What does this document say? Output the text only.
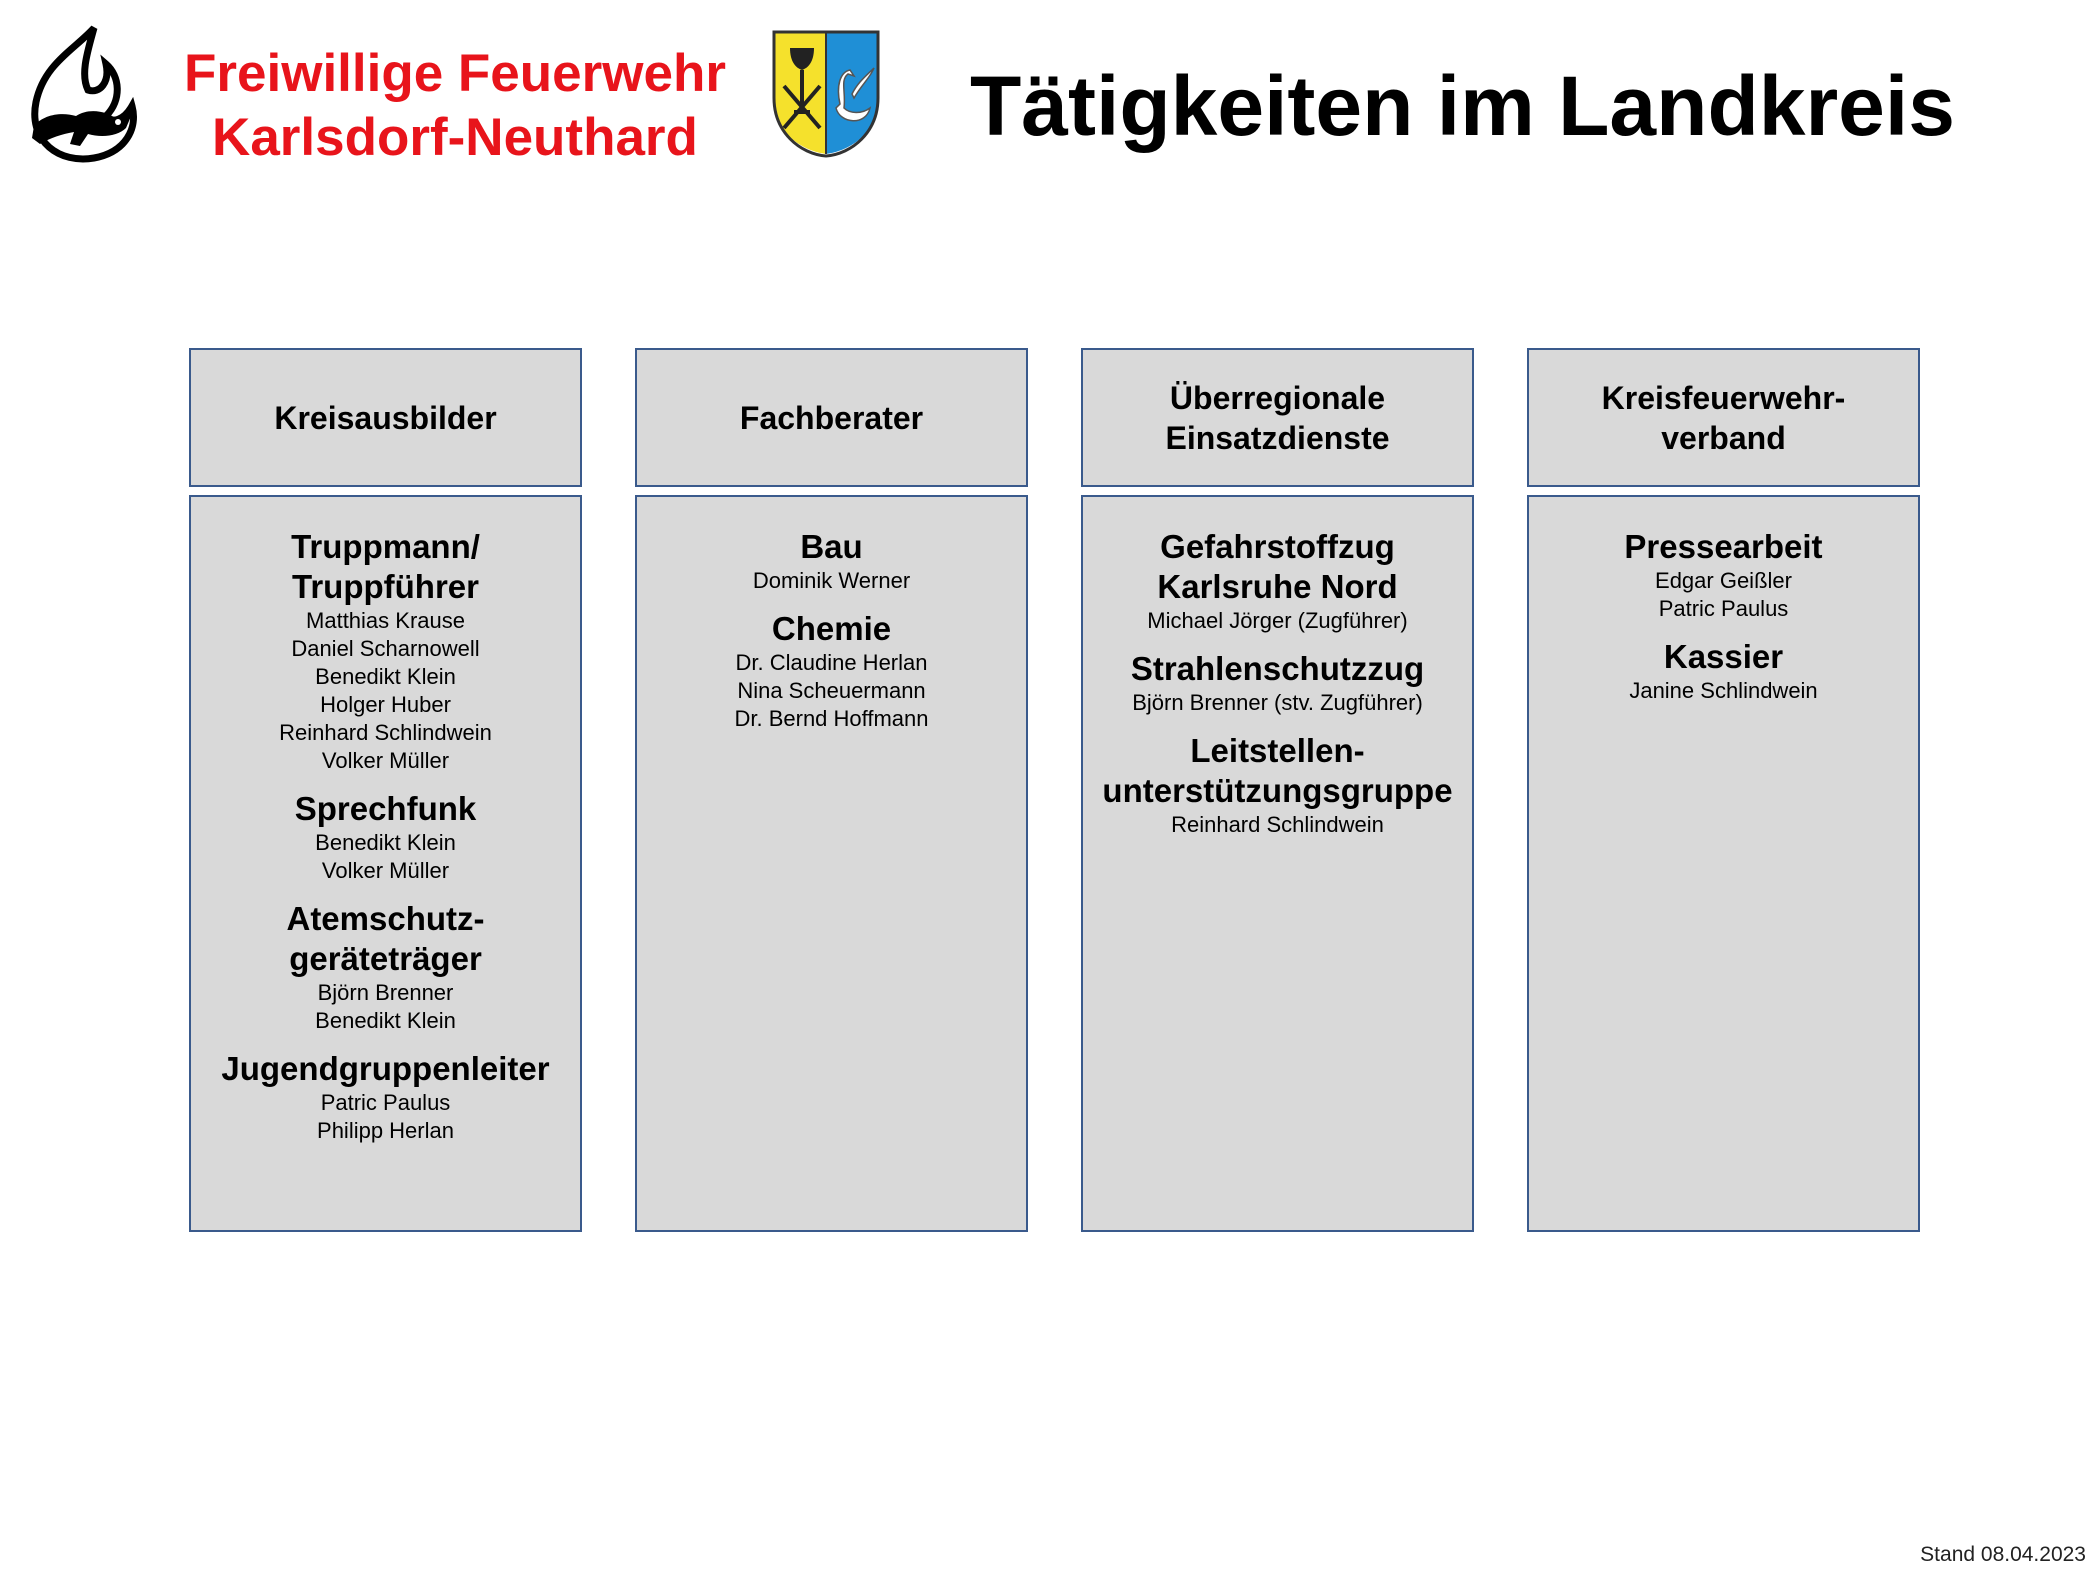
Freiwillige Feuerwehr
Karlsdorf-Neuthard	Tätigkeiten im Landkreis
Kreisausbilder
Truppmann/
Truppführer
Matthias Krause
Daniel Scharnowell
Benedikt Klein
Holger Huber
Reinhard Schlindwein
Volker Müller
Sprechfunk
Benedikt Klein
Volker Müller
Atemschutz-
geräteträger
Björn Brenner
Benedikt Klein
Jugendgruppenleiter
Patric Paulus
Philipp Herlan
Fachberater
Bau
Dominik Werner
Chemie
Dr. Claudine Herlan
Nina Scheuermann
Dr. Bernd Hoffmann
Überregionale
Einsatzdienste
Gefahrstoffzug
Karlsruhe Nord
Michael Jörger (Zugführer)
Strahlenschutzzug
Björn Brenner (stv. Zugführer)
Leitstellen-
unterstützungsgruppe
Reinhard Schlindwein
Kreisfeuerwehr-
verband
Pressearbeit
Edgar Geißler
Patric Paulus
Kassier
Janine Schlindwein
Stand 08.04.2023
